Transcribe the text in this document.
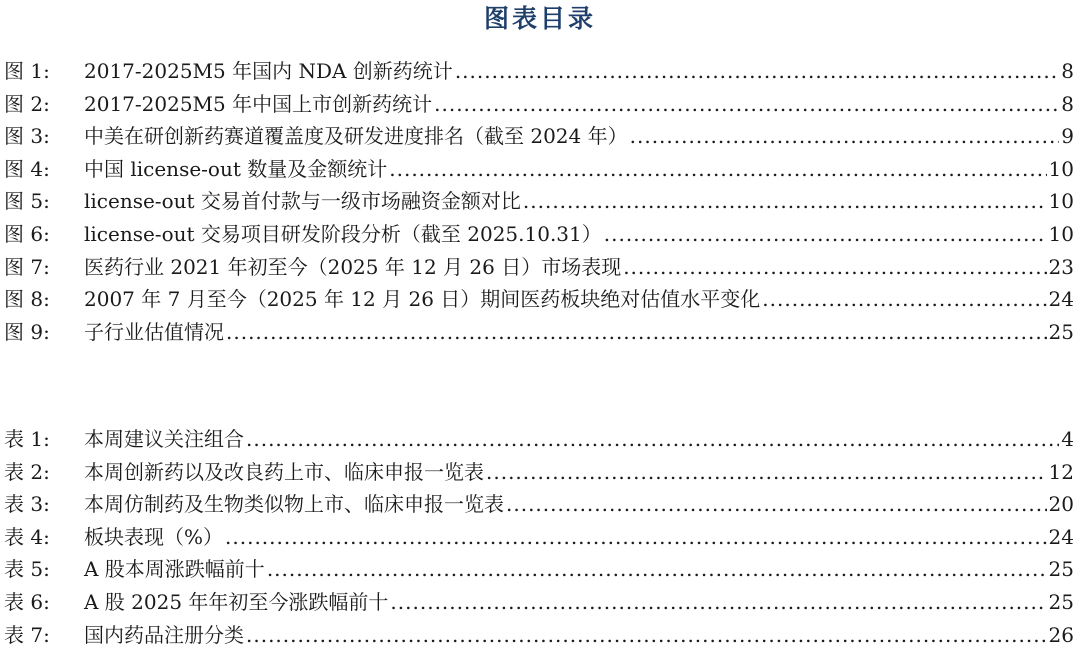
图表目录
图 1:	2017-2025M5 年国内 NDA 创新药统计 .....	8
图 2:	2017-2025M5 年中国上市创新药统计 .....	8
图 3:	中美在研创新药赛道覆盖度及研发进度排名（截至 2024 年） .....	9
图 4:	中国 license-out 数量及金额统计 .....	10
图 5:	license-out 交易首付款与一级市场融资金额对比 .....	10
图 6:	license-out 交易项目研发阶段分析（截至 2025.10.31） .....	10
图 7:	医药行业 2021 年初至今（2025 年 12 月 26 日）市场表现 .....	23
图 8:	2007 年 7 月至今（2025 年 12 月 26 日）期间医药板块绝对估值水平变化 .....	24
图 9:	子行业估值情况 .....	25
表 1:	本周建议关注组合 .....	4
表 2:	本周创新药以及改良药上市、临床申报一览表 .....	12
表 3:	本周仿制药及生物类似物上市、临床申报一览表 .....	20
表 4:	板块表现（%） .....	24
表 5:	A 股本周涨跌幅前十 .....	25
表 6:	A 股 2025 年年初至今涨跌幅前十 .....	25
表 7:	国内药品注册分类 .....	26
